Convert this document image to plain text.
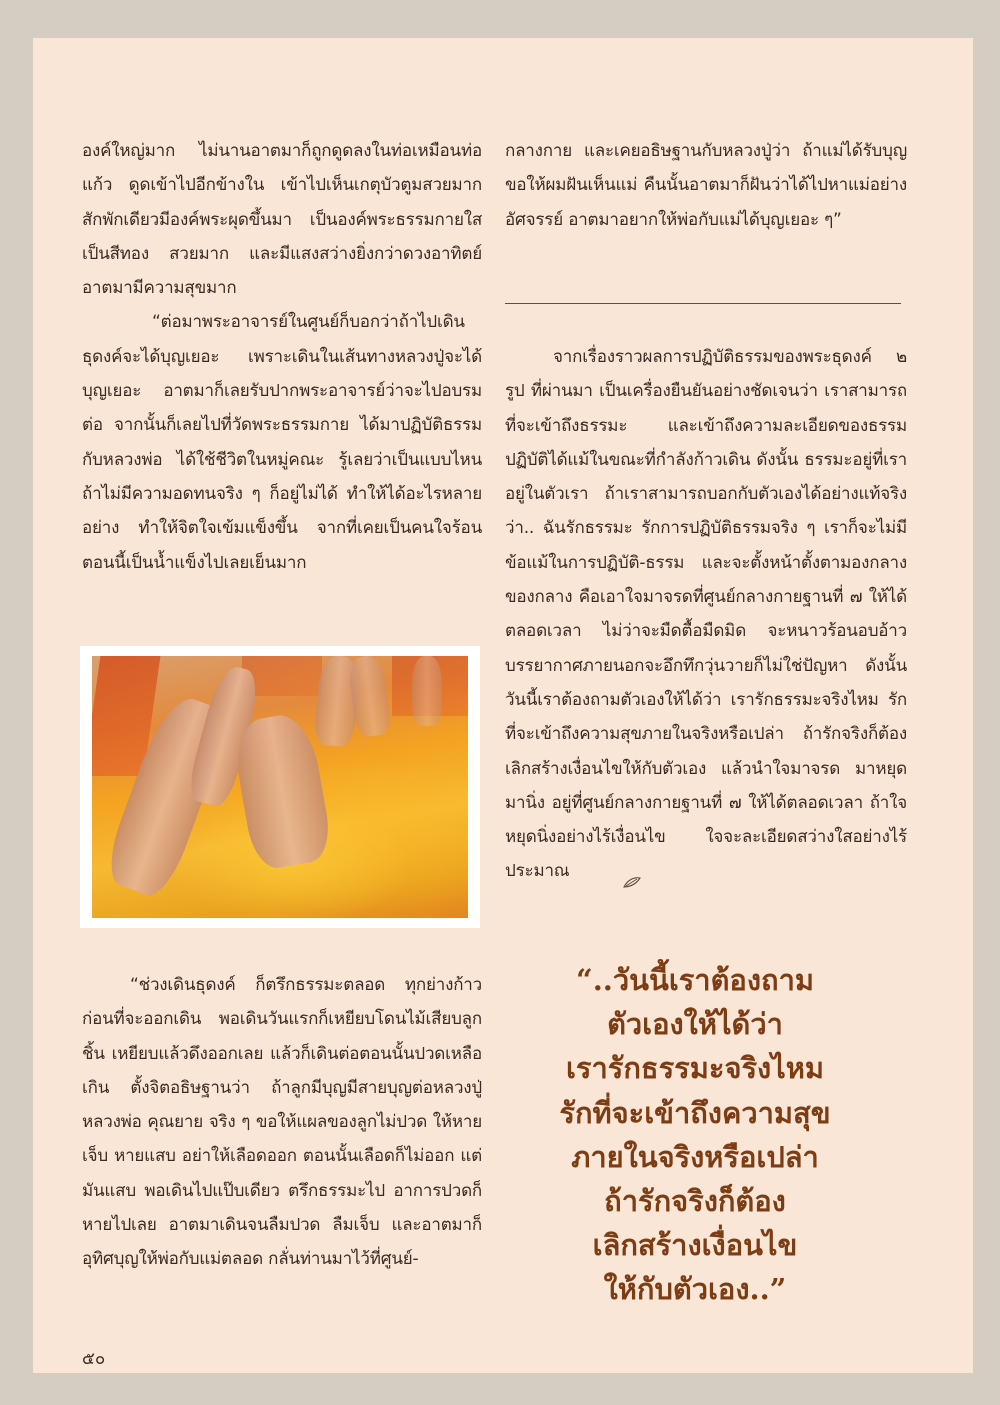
องค์ใหญ่มาก ไม่นานอาตมาก็ถูกดูดลงในท่อเหมือนท่อแก้ว ดูดเข้าไปอีกข้างใน เข้าไปเห็นเกตุบัวตูมสวยมาก สักพักเดียวมีองค์พระผุดขึ้นมา เป็นองค์พระธรรมกายใสเป็นสีทอง สวยมาก และมีแสงสว่างยิ่งกว่าดวงอาทิตย์ อาตมามีความสุขมาก

“ต่อมาพระอาจารย์ในศูนย์ก็บอกว่าถ้าไปเดินธุดงค์จะได้บุญเยอะ เพราะเดินในเส้นทางหลวงปู่จะได้บุญเยอะ อาตมาก็เลยรับปากพระอาจารย์ว่าจะไปอบรมต่อ จากนั้นก็เลยไปที่วัดพระธรรมกาย ได้มาปฏิบัติธรรมกับหลวงพ่อ ได้ใช้ชีวิตในหมู่คณะ รู้เลยว่าเป็นแบบไหน ถ้าไม่มีความอดทนจริง ๆ ก็อยู่ไม่ได้ ทำให้ได้อะไรหลายอย่าง ทำให้จิตใจเข้มแข็งขึ้น จากที่เคยเป็นคนใจร้อน ตอนนี้เป็นน้ำแข็งไปเลยเย็นมาก

“ช่วงเดินธุดงค์ ก็ตรึกธรรมะตลอด ทุกย่างก้าวก่อนที่จะออกเดิน พอเดินวันแรกก็เหยียบโดนไม้เสียบลูกชิ้น เหยียบแล้วดึงออกเลย แล้วก็เดินต่อตอนนั้นปวดเหลือเกิน ตั้งจิตอธิษฐานว่า ถ้าลูกมีบุญมีสายบุญต่อหลวงปู่ หลวงพ่อ คุณยาย จริง ๆ ขอให้แผลของลูกไม่ปวด ให้หายเจ็บ หายแสบ อย่าให้เลือดออก ตอนนั้นเลือดก็ไม่ออก แต่มันแสบ พอเดินไปแป๊บเดียว ตรึกธรรมะไป อาการปวดก็หายไปเลย อาตมาเดินจนลืมปวด ลืมเจ็บ และอาตมาก็อุทิศบุญให้พ่อกับแม่ตลอด กลั่นท่านมาไว้ที่ศูนย์-

กลางกาย และเคยอธิษฐานกับหลวงปู่ว่า ถ้าแม่ได้รับบุญ ขอให้ผมฝันเห็นแม่ คืนนั้นอาตมาก็ฝันว่าได้ไปหาแม่อย่างอัศจรรย์ อาตมาอยากให้พ่อกับแม่ได้บุญเยอะ ๆ”

จากเรื่องราวผลการปฏิบัติธรรมของพระธุดงค์ ๒ รูป ที่ผ่านมา เป็นเครื่องยืนยันอย่างชัดเจนว่า เราสามารถที่จะเข้าถึงธรรมะ และเข้าถึงความละเอียดของธรรมปฏิบัติได้แม้ในขณะที่กำลังก้าวเดิน ดังนั้น ธรรมะอยู่ที่เรา อยู่ในตัวเรา ถ้าเราสามารถบอกกับตัวเองได้อย่างแท้จริงว่า.. ฉันรักธรรมะ รักการปฏิบัติธรรมจริง ๆ เราก็จะไม่มีข้อแม้ในการปฏิบัติ-ธรรม และจะตั้งหน้าตั้งตามองกลางของกลาง คือเอาใจมาจรดที่ศูนย์กลางกายฐานที่ ๗ ให้ได้ตลอดเวลา ไม่ว่าจะมืดตื้อมืดมิด จะหนาวร้อนอบอ้าว บรรยากาศภายนอกจะอึกทึกวุ่นวายก็ไม่ใช่ปัญหา ดังนั้น วันนี้เราต้องถามตัวเองให้ได้ว่า เรารักธรรมะจริงไหม รักที่จะเข้าถึงความสุขภายในจริงหรือเปล่า ถ้ารักจริงก็ต้องเลิกสร้างเงื่อนไขให้กับตัวเอง แล้วนำใจมาจรด มาหยุด มานิ่ง อยู่ที่ศูนย์กลางกายฐานที่ ๗ ให้ได้ตลอดเวลา ถ้าใจหยุดนิ่งอย่างไร้เงื่อนไข ใจจะละเอียดสว่างใสอย่างไร้ประมาณ

“..วันนี้เราต้องถาม
ตัวเองให้ได้ว่า
เรารักธรรมะจริงไหม
รักที่จะเข้าถึงความสุข
ภายในจริงหรือเปล่า
ถ้ารักจริงก็ต้อง
เลิกสร้างเงื่อนไข
ให้กับตัวเอง..”
๕๐
